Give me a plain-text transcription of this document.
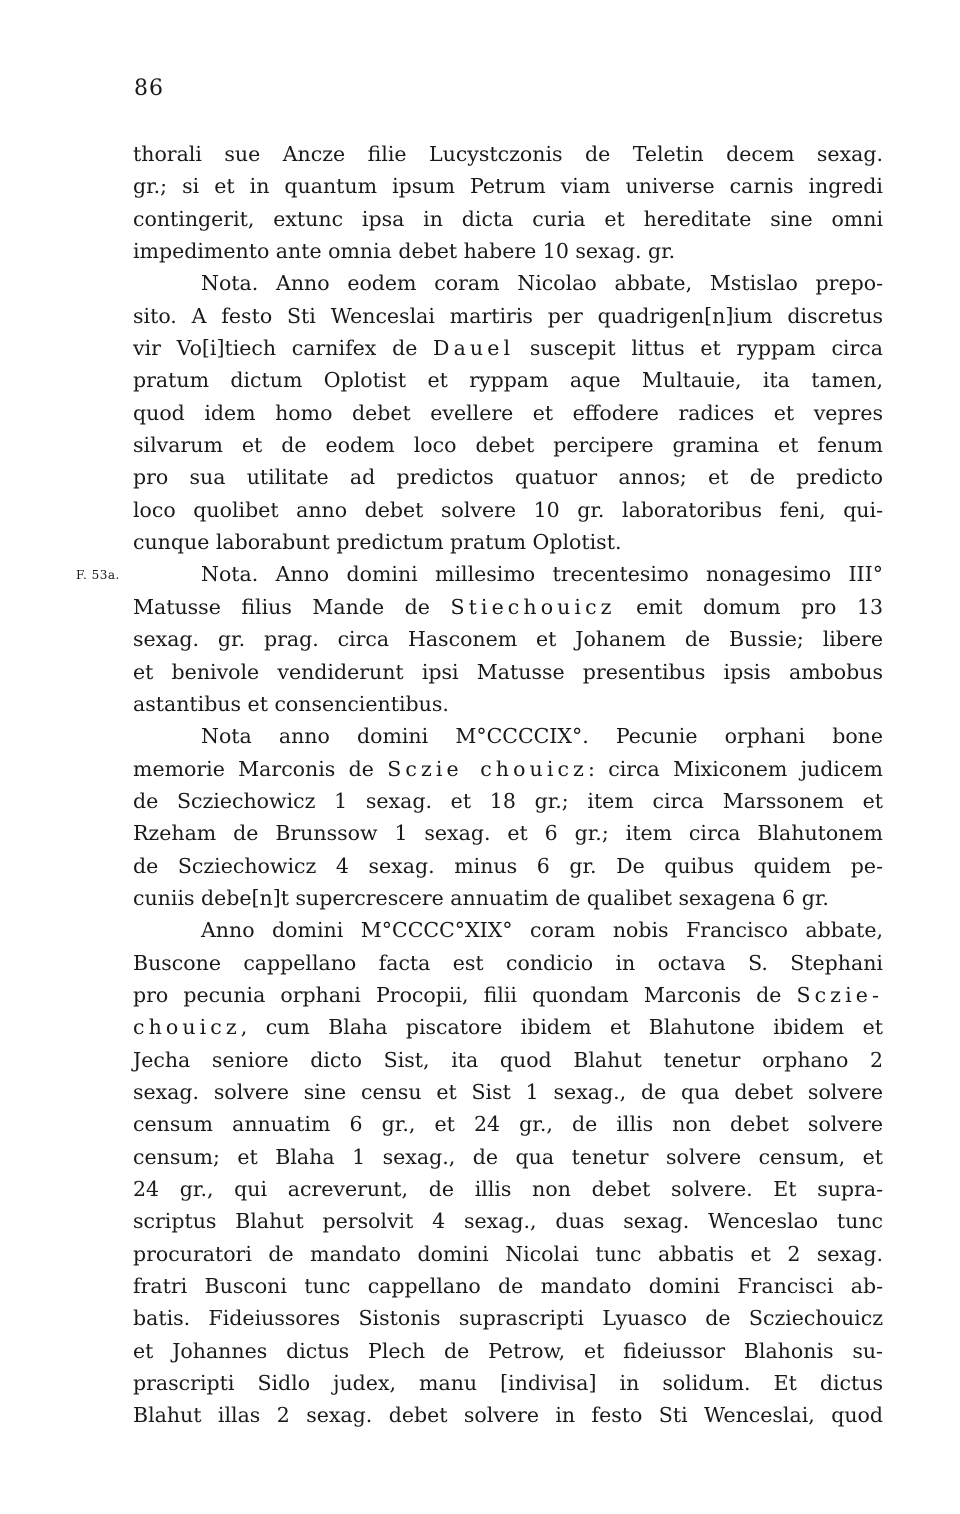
86
F. 53a.
thorali sue Ancze filie Lucystczonis de Teletin decem sexag.
gr.; si et in quantum ipsum Petrum viam universe carnis ingredi
contingerit, extunc ipsa in dicta curia et hereditate sine omni
impedimento ante omnia debet habere 10 sexag. gr.
Nota. Anno eodem coram Nicolao abbate, Mstislao prepo-
sito. A festo Sti Wenceslai martiris per quadrigen[n]ium discretus
vir Vo[i]tiech carnifex de Dauel suscepit littus et ryppam circa
pratum dictum Oplotist et ryppam aque Multauie, ita tamen,
quod idem homo debet evellere et effodere radices et vepres
silvarum et de eodem loco debet percipere gramina et fenum
pro sua utilitate ad predictos quatuor annos; et de predicto
loco quolibet anno debet solvere 10 gr. laboratoribus feni, qui-
cunque laborabunt predictum pratum Oplotist.
Nota. Anno domini millesimo trecentesimo nonagesimo III°
Matusse filius Mande de Stiechouicz emit domum pro 13
sexag. gr. prag. circa Hasconem et Johanem de Bussie; libere
et benivole vendiderunt ipsi Matusse presentibus ipsis ambobus
astantibus et consencientibus.
Nota anno domini M°CCCCIX°. Pecunie orphani bone
memorie Marconis de Sczie chouicz: circa Mixiconem judicem
de Scziechowicz 1 sexag. et 18 gr.; item circa Marssonem et
Rzeham de Brunssow 1 sexag. et 6 gr.; item circa Blahutonem
de Scziechowicz 4 sexag. minus 6 gr. De quibus quidem pe-
cuniis debe[n]t supercrescere annuatim de qualibet sexagena 6 gr.
Anno domini M°CCCC°XIX° coram nobis Francisco abbate,
Buscone cappellano facta est condicio in octava S. Stephani
pro pecunia orphani Procopii, filii quondam Marconis de Sczie-
chouicz, cum Blaha piscatore ibidem et Blahutone ibidem et
Jecha seniore dicto Sist, ita quod Blahut tenetur orphano 2
sexag. solvere sine censu et Sist 1 sexag., de qua debet solvere
censum annuatim 6 gr., et 24 gr., de illis non debet solvere
censum; et Blaha 1 sexag., de qua tenetur solvere censum, et
24 gr., qui acreverunt, de illis non debet solvere. Et supra-
scriptus Blahut persolvit 4 sexag., duas sexag. Wenceslao tunc
procuratori de mandato domini Nicolai tunc abbatis et 2 sexag.
fratri Busconi tunc cappellano de mandato domini Francisci ab-
batis. Fideiussores Sistonis suprascripti Lyuasco de Scziechouicz
et Johannes dictus Plech de Petrow, et fideiussor Blahonis su-
prascripti Sidlo judex, manu [indivisa] in solidum. Et dictus
Blahut illas 2 sexag. debet solvere in festo Sti Wenceslai, quod
